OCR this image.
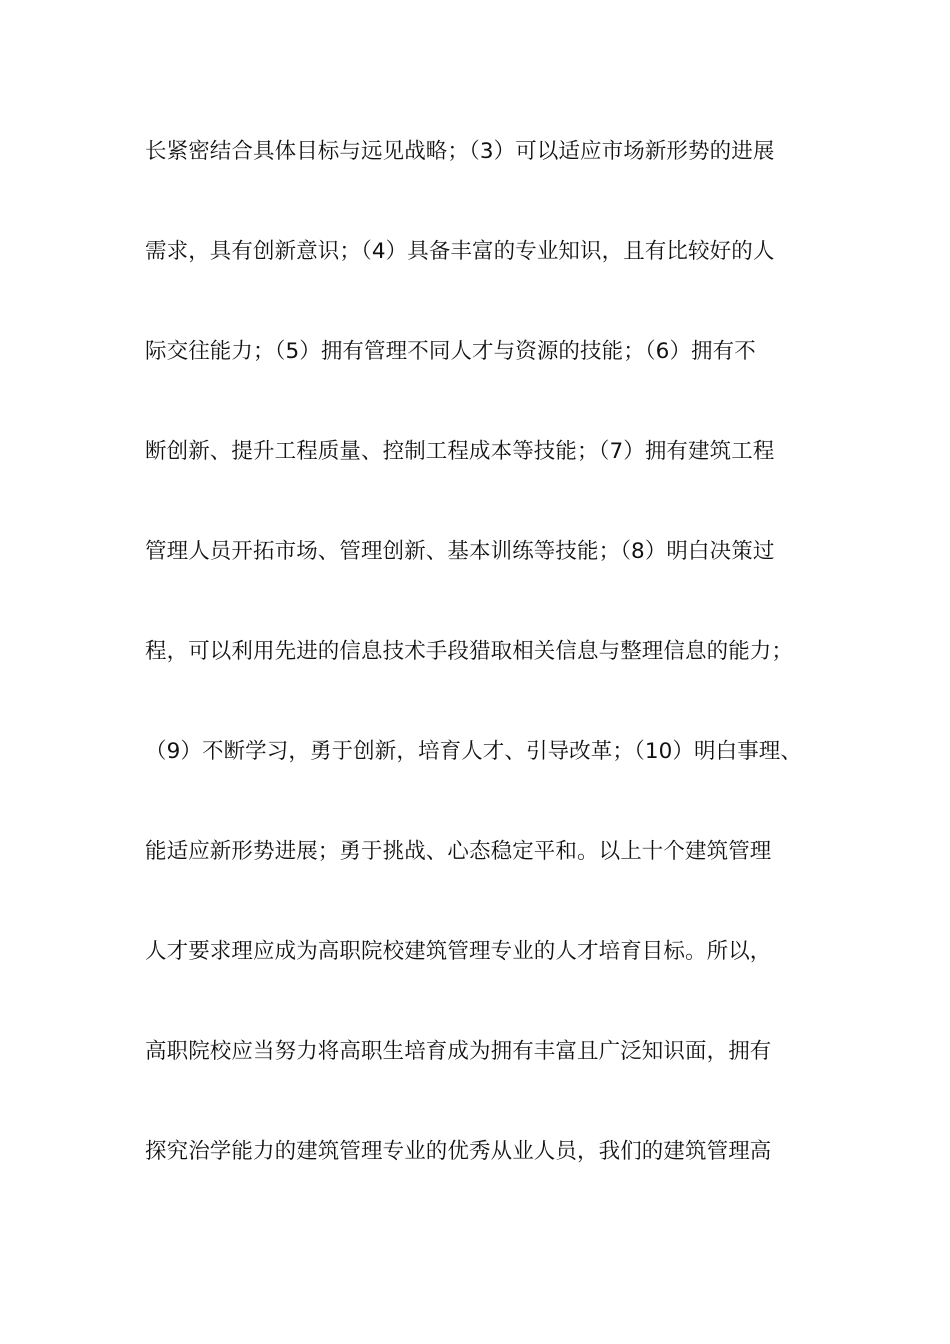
长紧密结合具体目标与远见战略；（3）可以适应市场新形势的进展
需求，具有创新意识；（4）具备丰富的专业知识，且有比较好的人
际交往能力；（5）拥有管理不同人才与资源的技能；（6）拥有不
断创新、提升工程质量、控制工程成本等技能；（7）拥有建筑工程
管理人员开拓市场、管理创新、基本训练等技能；（8）明白决策过
程，可以利用先进的信息技术手段猎取相关信息与整理信息的能力；
（9）不断学习，勇于创新，培育人才、引导改革；（10）明白事理、
能适应新形势进展；勇于挑战、心态稳定平和。以上十个建筑管理
人才要求理应成为高职院校建筑管理专业的人才培育目标。所以，
高职院校应当努力将高职生培育成为拥有丰富且广泛知识面，拥有
探究治学能力的建筑管理专业的优秀从业人员，我们的建筑管理高
